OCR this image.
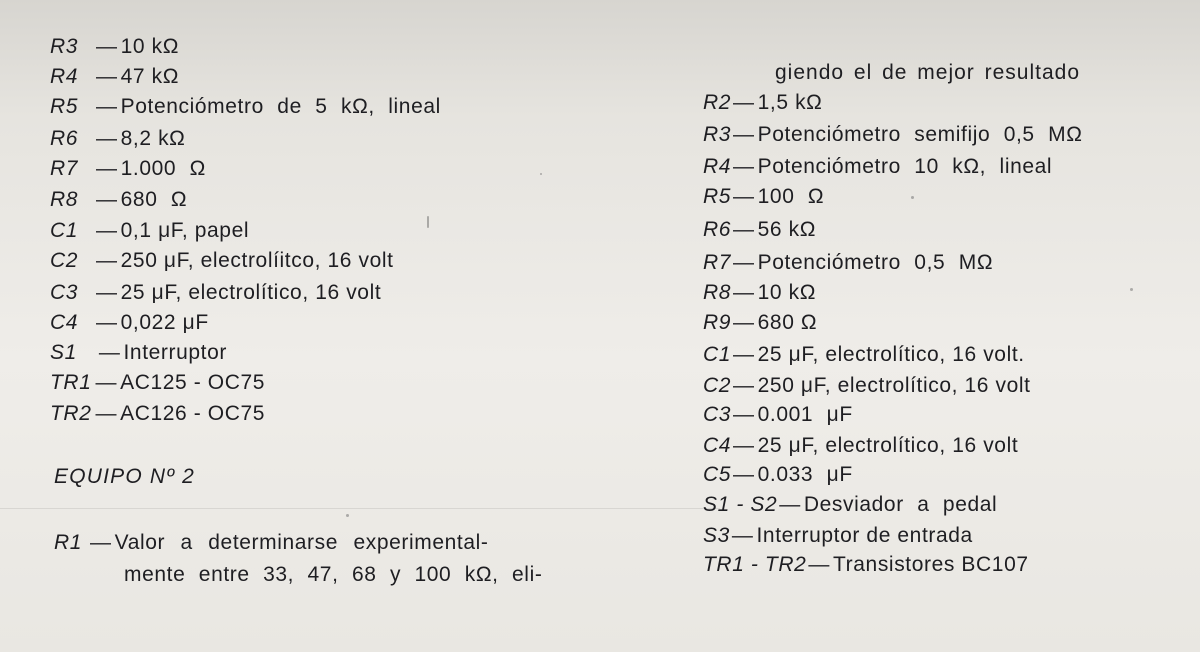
R3 — 10 kΩ
R4 — 47 kΩ
R5 — Potenciómetro de 5 kΩ, lineal
R6 — 8,2 kΩ
R7 — 1.000 Ω
R8 — 680 Ω
C1 — 0,1 μF, papel
C2 — 250 μF, electrolíitco, 16 volt
C3 — 25 μF, electrolítico, 16 volt
C4 — 0,022 μF
S1 — Interruptor
TR1 — AC125 - OC75
TR2 — AC126 - OC75
EQUIPO Nº 2
R1 — Valor a determinarse experimental-
mente entre 33, 47, 68 y 100 kΩ, eli-
giendo el de mejor resultado
R2— 1,5 kΩ
R3— Potenciómetro semifijo 0,5 MΩ
R4— Potenciómetro 10 kΩ, lineal
R5— 100 Ω
R6— 56 kΩ
R7— Potenciómetro 0,5 MΩ
R8— 10 kΩ
R9— 680 Ω
C1— 25 μF, electrolítico, 16 volt.
C2— 250 μF, electrolítico, 16 volt
C3— 0.001 μF
C4— 25 μF, electrolítico, 16 volt
C5— 0.033 μF
S1 - S2— Desviador a pedal
S3— Interruptor de entrada
TR1 - TR2— Transistores BC107
